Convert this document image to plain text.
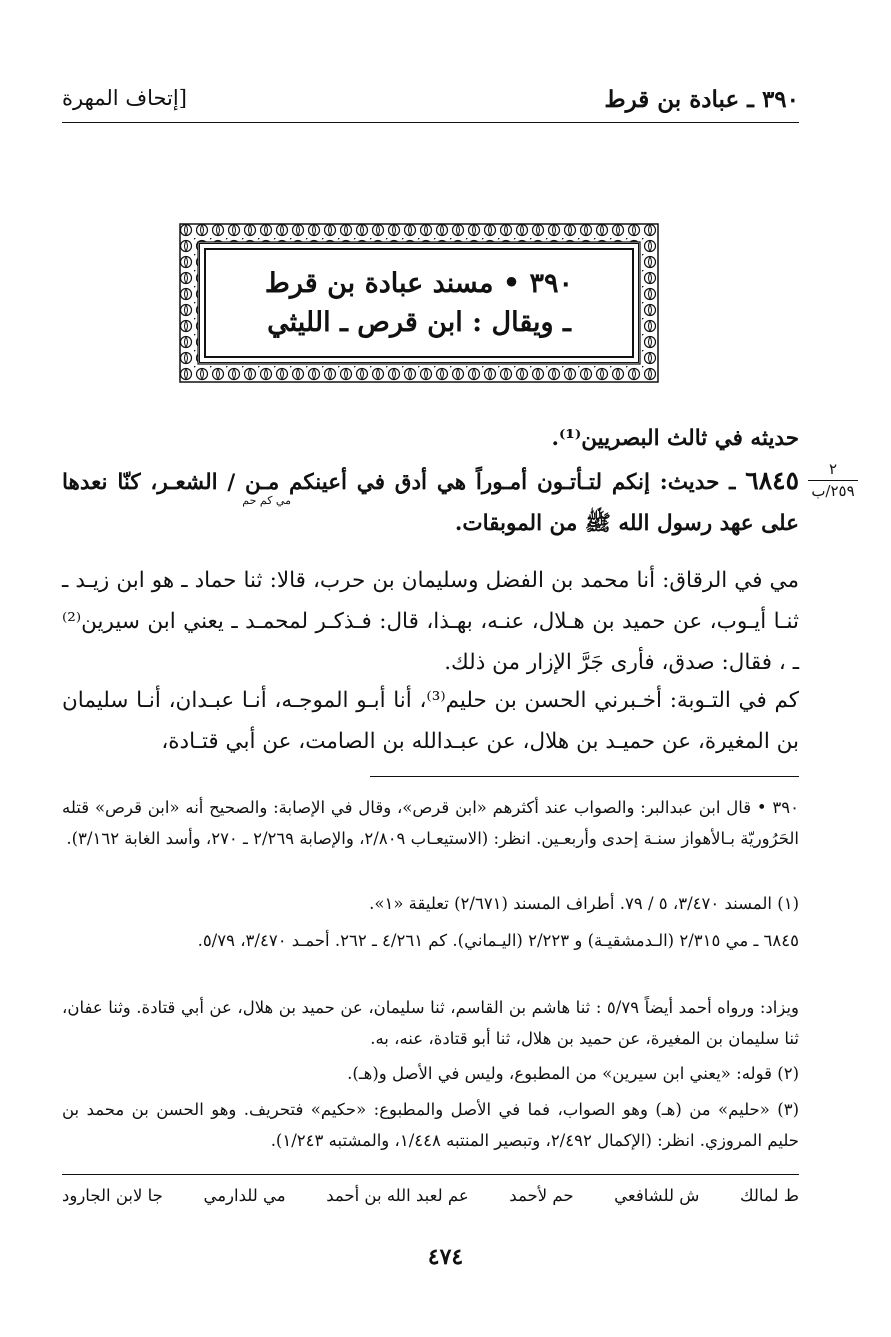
٣٩٠ ـ عبادة بن قرط
[إتحاف المهرة
٣٩٠ • مسند عبادة بن قرط
ـ ويقال : ابن قرص ـ الليثي
حديثه في ثالث البصريين⁽¹⁾.
مي كم حم
٦٨٤٥ ـ حديث: إنكم لتـأتـون أمـوراً هي أدق في أعينكم مـن / الشعـر، كنّا نعدها على عهد رسول الله ﷺ من الموبقات.
٢
٢٥٩/ب
مي في الرقاق: أنا محمد بن الفضل وسليمان بن حرب، قالا: ثنا حماد ـ هو ابن زيـد ـ ثنـا أيـوب، عن حميد بن هـلال، عنـه، بهـذا، قال: فـذكـر لمحمـد ـ يعني ابن سيرين⁽²⁾ ـ ، فقال: صدق، فأرى جَرَّ الإزار من ذلك.
كم في التـوبة: أخـبرني الحسن بن حليم⁽³⁾، أنا أبـو الموجـه، أنـا عبـدان، أنـا سليمان بن المغيرة، عن حميـد بن هلال، عن عبـدالله بن الصامت، عن أبي قتـادة،
٣٩٠ • قال ابن عبدالبر: والصواب عند أكثرهم «ابن قرص»، وقال في الإصابة: والصحيح أنه «ابن قرص» قتله الحَرُوريّة بـالأهواز سنـة إحدى وأربعـين. انظر: (الاستيعـاب ٢/٨٠٩، والإصابة ٢/٢٦٩ ـ ٢٧٠، وأسد الغابة ٣/١٦٢).
(١) المسند ٣/٤٧٠، ٥ / ٧٩. أطراف المسند (٢/٦٧١) تعليقة «١».
٦٨٤٥ ـ مي ٢/٣١٥ (الـدمشقيـة) و ٢/٢٢٣ (اليـماني). كم ٤/٢٦١ ـ ٢٦٢. أحمـد ٣/٤٧٠، ٥/٧٩.
ويزاد: ورواه أحمد أيضاً ٥/٧٩ : ثنا هاشم بن القاسم، ثنا سليمان، عن حميد بن هلال، عن أبي قتادة. وثنا عفان، ثنا سليمان بن المغيرة، عن حميد بن هلال، ثنا أبو قتادة، عنه، به.
(٢) قوله: «يعني ابن سيرين» من المطبوع، وليس في الأصل و(هـ).
(٣) «حليم» من (هـ) وهو الصواب، فما في الأصل والمطبوع: «حكيم» فتحريف. وهو الحسن بن محمد بن حليم المروزي. انظر: (الإكمال ٢/٤٩٢، وتبصير المنتبه ١/٤٤٨، والمشتبه ١/٢٤٣).
ط لمالك
ش للشافعي
حم لأحمد
عم لعبد الله بن أحمد
مي للدارمي
جا لابن الجارود
٤٧٤
